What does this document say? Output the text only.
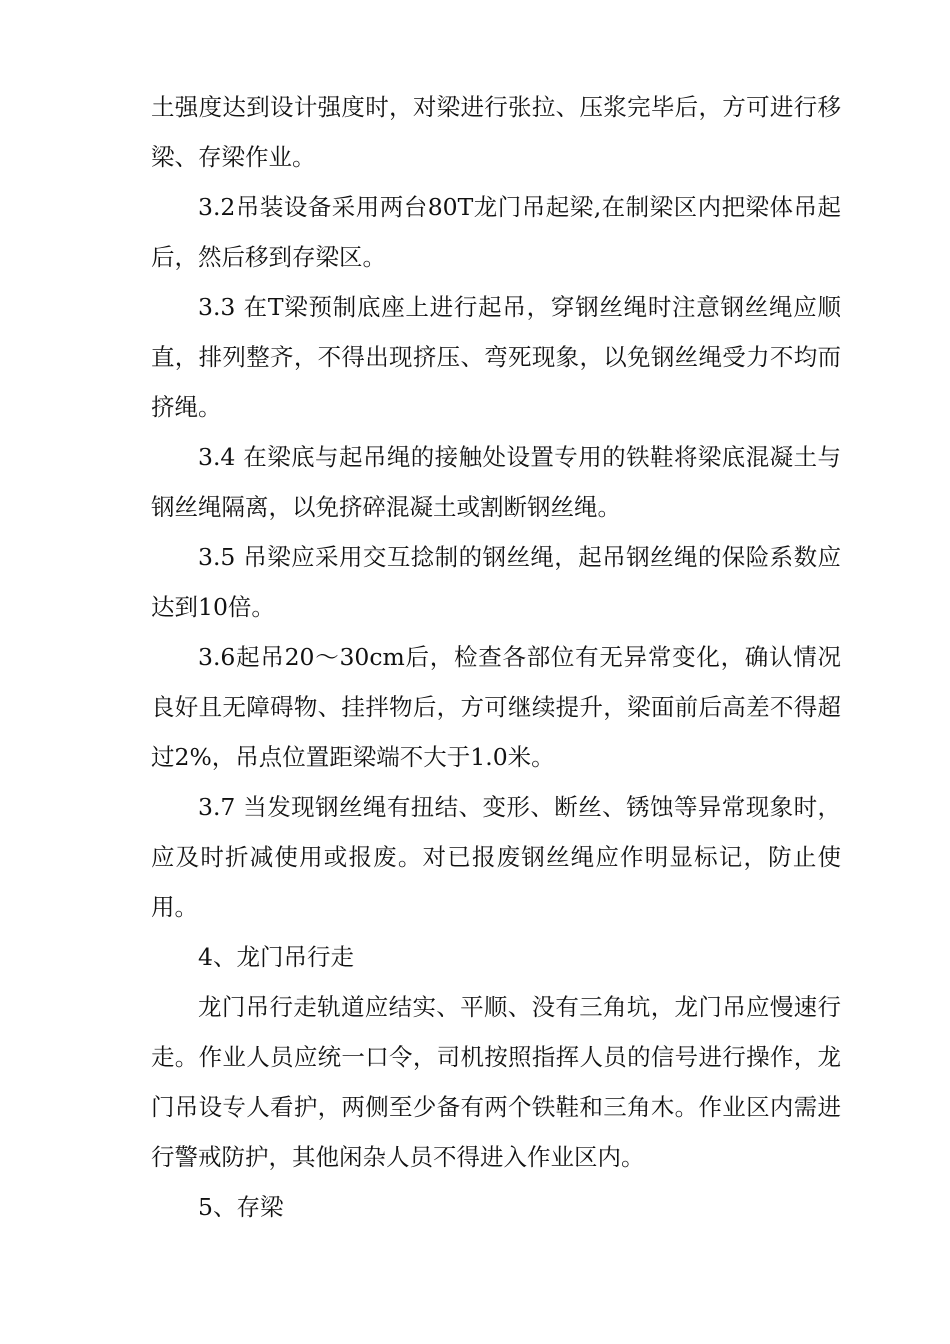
土强度达到设计强度时，对梁进行张拉、压浆完毕后，方可进行移梁、存梁作业。

3.2吊装设备采用两台80T龙门吊起梁,在制梁区内把梁体吊起后，然后移到存梁区。

3.3 在T梁预制底座上进行起吊，穿钢丝绳时注意钢丝绳应顺直，排列整齐，不得出现挤压、弯死现象，以免钢丝绳受力不均而挤绳。

3.4 在梁底与起吊绳的接触处设置专用的铁鞋将梁底混凝土与钢丝绳隔离，以免挤碎混凝土或割断钢丝绳。

3.5 吊梁应采用交互捻制的钢丝绳，起吊钢丝绳的保险系数应达到10倍。

3.6起吊20～30cm后，检查各部位有无异常变化，确认情况良好且无障碍物、挂拌物后，方可继续提升，梁面前后高差不得超过2%，吊点位置距梁端不大于1.0米。

3.7 当发现钢丝绳有扭结、变形、断丝、锈蚀等异常现象时，应及时折减使用或报废。对已报废钢丝绳应作明显标记，防止使用。

4、龙门吊行走

龙门吊行走轨道应结实、平顺、没有三角坑，龙门吊应慢速行走。作业人员应统一口令，司机按照指挥人员的信号进行操作，龙门吊设专人看护，两侧至少备有两个铁鞋和三角木。作业区内需进行警戒防护，其他闲杂人员不得进入作业区内。

5、存梁
